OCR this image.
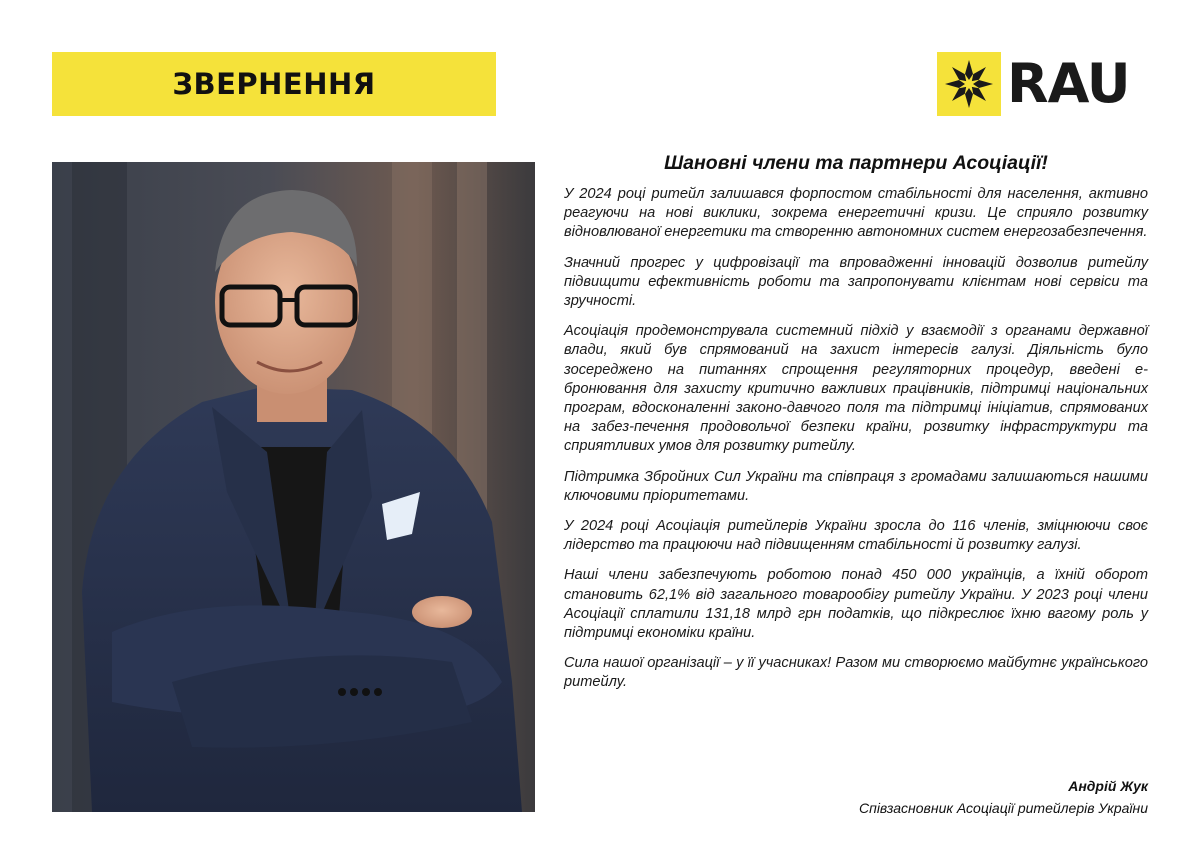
ЗВЕРНЕННЯ	RAU

Шановні члени та партнери Асоціації!

У 2024 році ритейл залишався форпостом стабільності для населення, активно реагуючи на нові виклики, зокрема енергетичні кризи. Це сприяло розвитку відновлюваної енергетики та створенню автономних систем енергозабезпечення.

Значний прогрес у цифровізації та впровадженні інновацій дозволив ритейлу підвищити ефективність роботи та запропонувати клієнтам нові сервіси та зручності.

Асоціація продемонструвала системний підхід у взаємодії з органами державної влади, який був спрямований на захист інтересів галузі. Діяльність було зосереджено на питаннях спрощення регуляторних процедур, введені е-бронювання для захисту критично важливих працівників, підтримці національних програм, вдосконаленні законо-давчого поля та підтримці ініціатив, спрямованих на забез-печення продовольчої безпеки країни, розвитку інфраструктури та сприятливих умов для розвитку ритейлу.

Підтримка Збройних Сил України та співпраця з громадами залишаються нашими ключовими пріоритетами.

У 2024 році Асоціація ритейлерів України зросла до 116 членів, зміцнюючи своє лідерство та працюючи над підвищенням стабільності й розвитку галузі.

Наші члени забезпечують роботою понад 450 000 українців, а їхній оборот становить 62,1% від загального товарообігу ритейлу України. У 2023 році члени Асоціації сплатили 131,18 млрд грн податків, що підкреслює їхню вагому роль у підтримці економіки країни.

Сила нашої організації – у її учасниках! Разом ми створюємо майбутнє українського ритейлу.

Андрій Жук
Співзасновник Асоціації ритейлерів України
